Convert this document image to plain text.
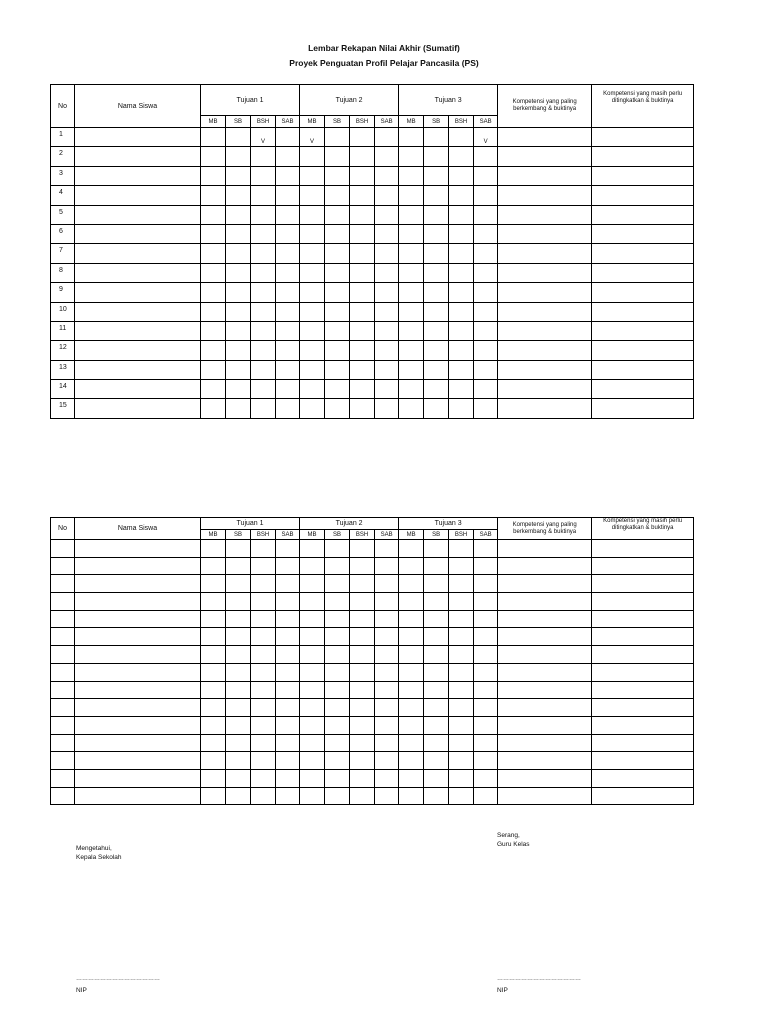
Lembar Rekapan Nilai Akhir (Sumatif)
Proyek Penguatan Profil Pelajar Pancasila (PS)
No	Nama Siswa	Tujuan 1				Tujuan 2				Tujuan 3				Kompetensi yang paling berkembang & buktinya	Kompetensi yang masih perlu ditingkatkan & buktinya
		MB	SB	BSH	SAB	MB	SB	BSH	SAB	MB	SB	BSH	SAB		
1				V		V							V		
2															
3															
4															
5															
6															
7															
8															
9															
10															
11															
12															
13															
14															
15															
No	Nama Siswa	Tujuan 1				Tujuan 2				Tujuan 3				Kompetensi yang paling berkembang & buktinya	Kompetensi yang masih perlu ditingkatkan & buktinya
		MB	SB	BSH	SAB	MB	SB	BSH	SAB	MB	SB	BSH	SAB		

Serang,
Guru Kelas
Mengetahui,
Kepala Sekolah
……………………………………	……………………………………
NIP	NIP
